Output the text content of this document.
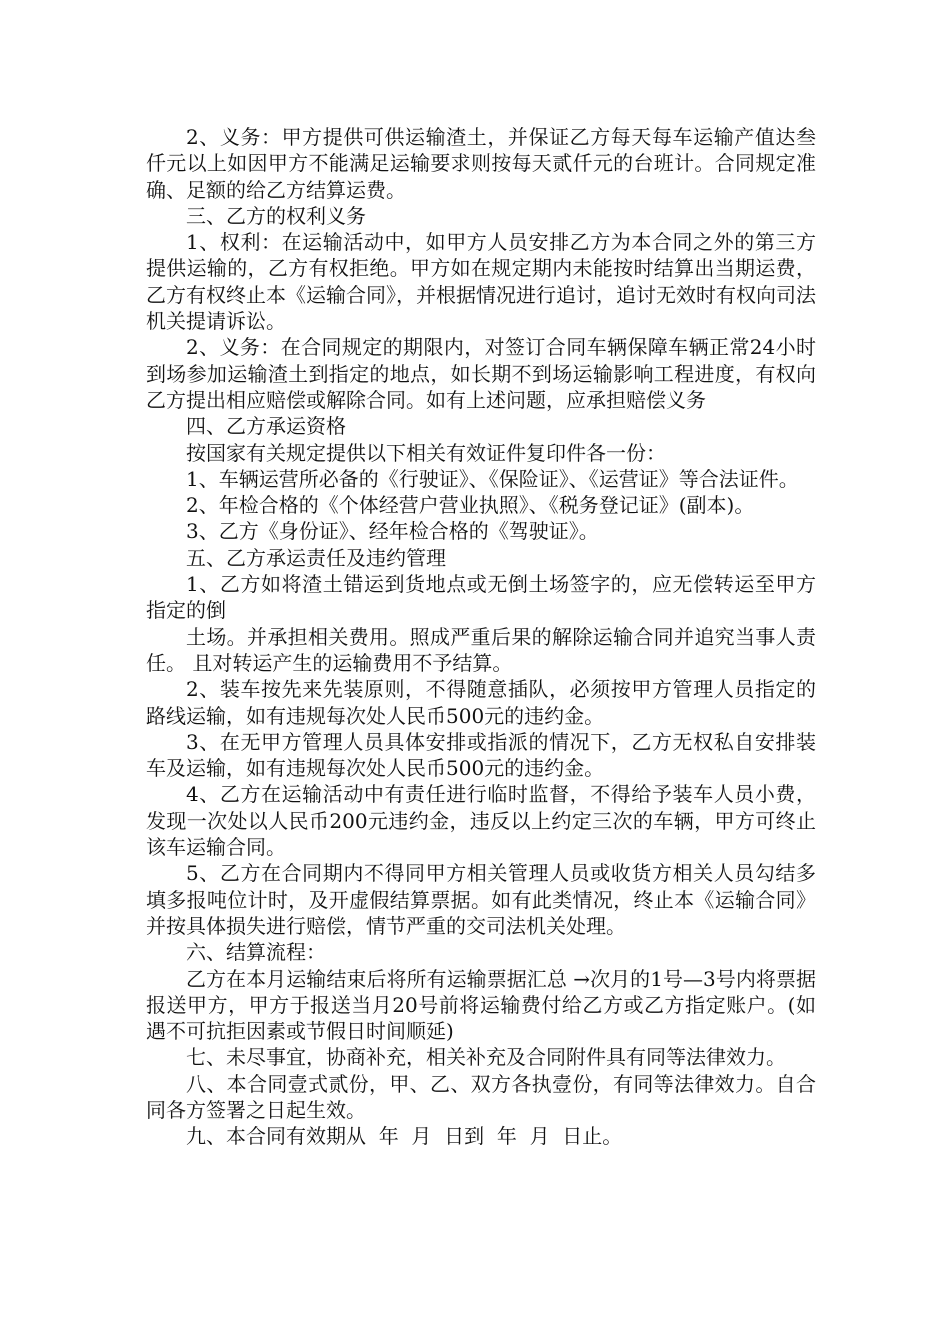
2、义务：甲方提供可供运输渣土，并保证乙方每天每车运输产值达叁仟元以上如因甲方不能满足运输要求则按每天贰仟元的台班计。合同规定准确、足额的给乙方结算运费。

三、乙方的权利义务

1、权利：在运输活动中，如甲方人员安排乙方为本合同之外的第三方提供运输的，乙方有权拒绝。甲方如在规定期内未能按时结算出当期运费，乙方有权终止本《运输合同》，并根据情况进行追讨，追讨无效时有权向司法机关提请诉讼。

2、义务：在合同规定的期限内，对签订合同车辆保障车辆正常24小时到场参加运输渣土到指定的地点，如长期不到场运输影响工程进度，有权向乙方提出相应赔偿或解除合同。如有上述问题，应承担赔偿义务

四、乙方承运资格

按国家有关规定提供以下相关有效证件复印件各一份：

1、车辆运营所必备的《行驶证》、《保险证》、《运营证》等合法证件。

2、年检合格的《个体经营户营业执照》、《税务登记证》(副本)。

3、乙方《身份证》、经年检合格的《驾驶证》。

五、乙方承运责任及违约管理

1、乙方如将渣土错运到货地点或无倒土场签字的，应无偿转运至甲方指定的倒

土场。并承担相关费用。照成严重后果的解除运输合同并追究当事人责任。 且对转运产生的运输费用不予结算。

2、装车按先来先装原则，不得随意插队，必须按甲方管理人员指定的路线运输，如有违规每次处人民币500元的违约金。

3、在无甲方管理人员具体安排或指派的情况下，乙方无权私自安排装车及运输，如有违规每次处人民币500元的违约金。

4、乙方在运输活动中有责任进行临时监督，不得给予装车人员小费，发现一次处以人民币200元违约金，违反以上约定三次的车辆，甲方可终止该车运输合同。

5、乙方在合同期内不得同甲方相关管理人员或收货方相关人员勾结多填多报吨位计时，及开虚假结算票据。如有此类情况，终止本《运输合同》并按具体损失进行赔偿，情节严重的交司法机关处理。

六、结算流程：

乙方在本月运输结束后将所有运输票据汇总 →次月的1号—3号内将票据报送甲方，甲方于报送当月20号前将运输费付给乙方或乙方指定账户。(如遇不可抗拒因素或节假日时间顺延)

七、未尽事宜，协商补充，相关补充及合同附件具有同等法律效力。

八、本合同壹式贰份，甲、乙、双方各执壹份，有同等法律效力。自合同各方签署之日起生效。

九、本合同有效期从  年  月  日到  年  月  日止。
